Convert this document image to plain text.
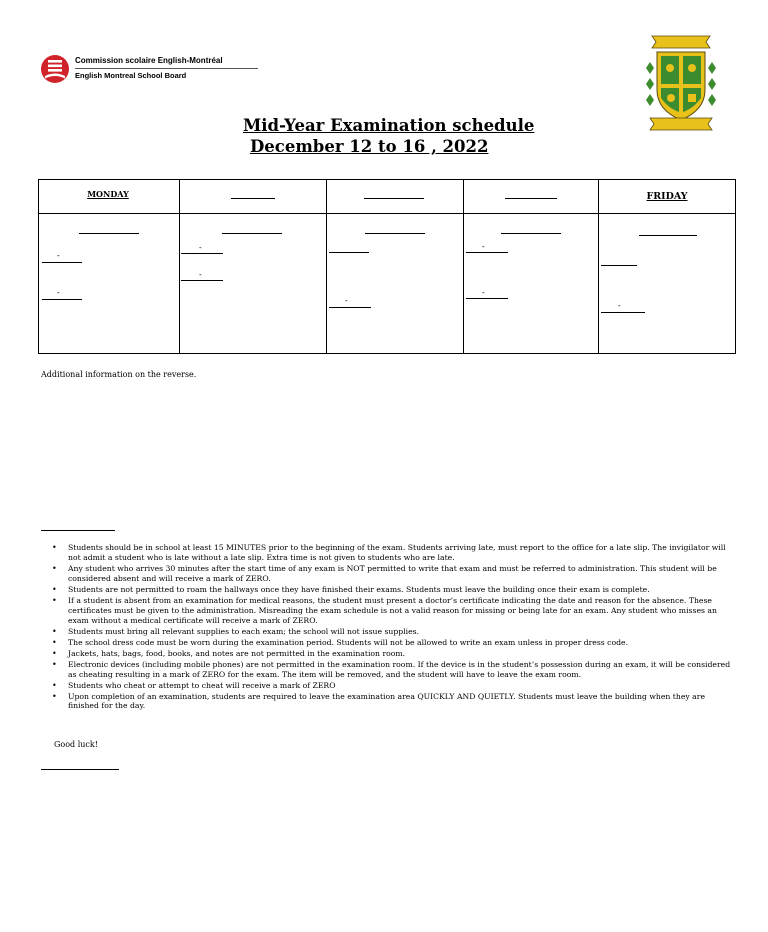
Commission scolaire English-Montréal
English Montreal School Board
Mid-Year Examination schedule
December 12 to 16 , 2022
MONDAY	FRIDAY
-
-
-
-
-
-
-
-
Additional information on the reverse.
• Students should be in school at least 15 MINUTES prior to the beginning of the exam. Students arriving late, must report to the office for a late slip. The invigilator will not admit a student who is late without a late slip. Extra time is not given to students who are late.
• Any student who arrives 30 minutes after the start time of any exam is NOT permitted to write that exam and must be referred to administration. This student will be considered absent and will receive a mark of ZERO.
• Students are not permitted to roam the hallways once they have finished their exams. Students must leave the building once their exam is complete.
• If a student is absent from an examination for medical reasons, the student must present a doctor’s certificate indicating the date and reason for the absence. These certificates must be given to the administration. Misreading the exam schedule is not a valid reason for missing or being late for an exam. Any student who misses an exam without a medical certificate will receive a mark of ZERO.
• Students must bring all relevant supplies to each exam; the school will not issue supplies.
• The school dress code must be worn during the examination period. Students will not be allowed to write an exam unless in proper dress code.
• Jackets, hats, bags, food, books, and notes are not permitted in the examination room.
• Electronic devices (including mobile phones) are not permitted in the examination room. If the device is in the student’s possession during an exam, it will be considered as cheating resulting in a mark of ZERO for the exam. The item will be removed, and the student will have to leave the exam room.
• Students who cheat or attempt to cheat will receive a mark of ZERO
• Upon completion of an examination, students are required to leave the examination area QUICKLY AND QUIETLY. Students must leave the building when they are finished for the day.
Good luck!
